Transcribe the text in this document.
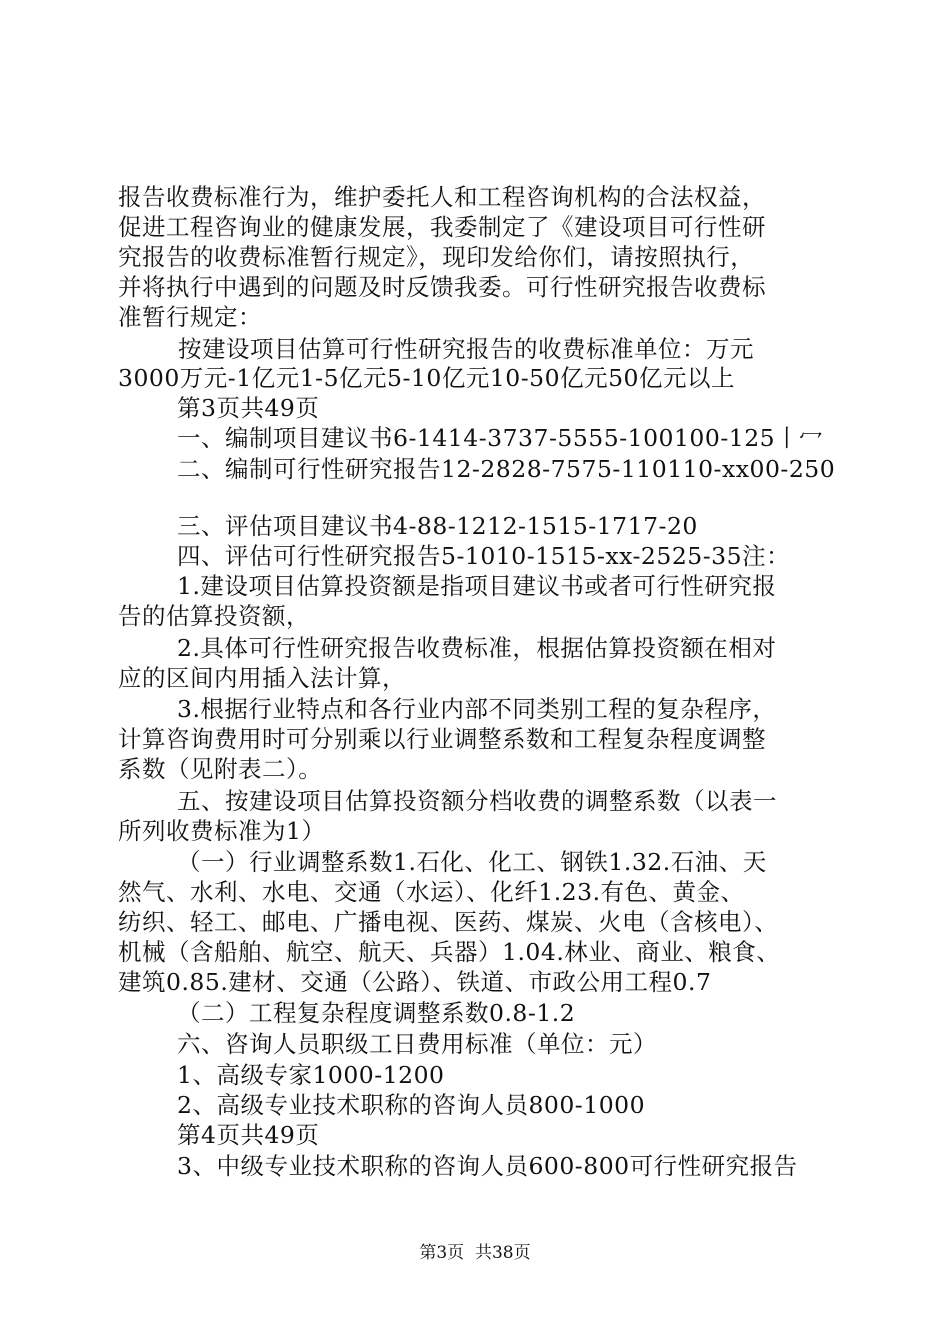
报告收费标准行为，维护委托人和工程咨询机构的合法权益，
促进工程咨询业的健康发展，我委制定了《建设项目可行性研
究报告的收费标准暂行规定》，现印发给你们，请按照执行，
并将执行中遇到的问题及时反馈我委。可行性研究报告收费标
准暂行规定：
按建设项目估算可行性研究报告的收费标准单位：万元
3000万元-1亿元1-5亿元5-10亿元10-50亿元50亿元以上
第3页共49页
一、编制项目建议书6-1414-3737-5555-100100-125丨冖
二、编制可行性研究报告12-2828-7575-110110-xx00-250
三、评估项目建议书4-88-1212-1515-1717-20
四、评估可行性研究报告5-1010-1515-xx-2525-35注：
1.建设项目估算投资额是指项目建议书或者可行性研究报
告的估算投资额，
2.具体可行性研究报告收费标准，根据估算投资额在相对
应的区间内用插入法计算，
3.根据行业特点和各行业内部不同类别工程的复杂程序，
计算咨询费用时可分别乘以行业调整系数和工程复杂程度调整
系数（见附表二）。
五、按建设项目估算投资额分档收费的调整系数（以表一
所列收费标准为1）
（一）行业调整系数1.石化、化工、钢铁1.32.石油、天
然气、水利、水电、交通（水运）、化纤1.23.有色、黄金、
纺织、轻工、邮电、广播电视、医药、煤炭、火电（含核电）、
机械（含船舶、航空、航天、兵器）1.04.林业、商业、粮食、
建筑0.85.建材、交通（公路）、铁道、市政公用工程0.7
（二）工程复杂程度调整系数0.8-1.2
六、咨询人员职级工日费用标准（单位：元）
1、高级专家1000-1200
2、高级专业技术职称的咨询人员800-1000
第4页共49页
3、中级专业技术职称的咨询人员600-800可行性研究报告
第3页  共38页
